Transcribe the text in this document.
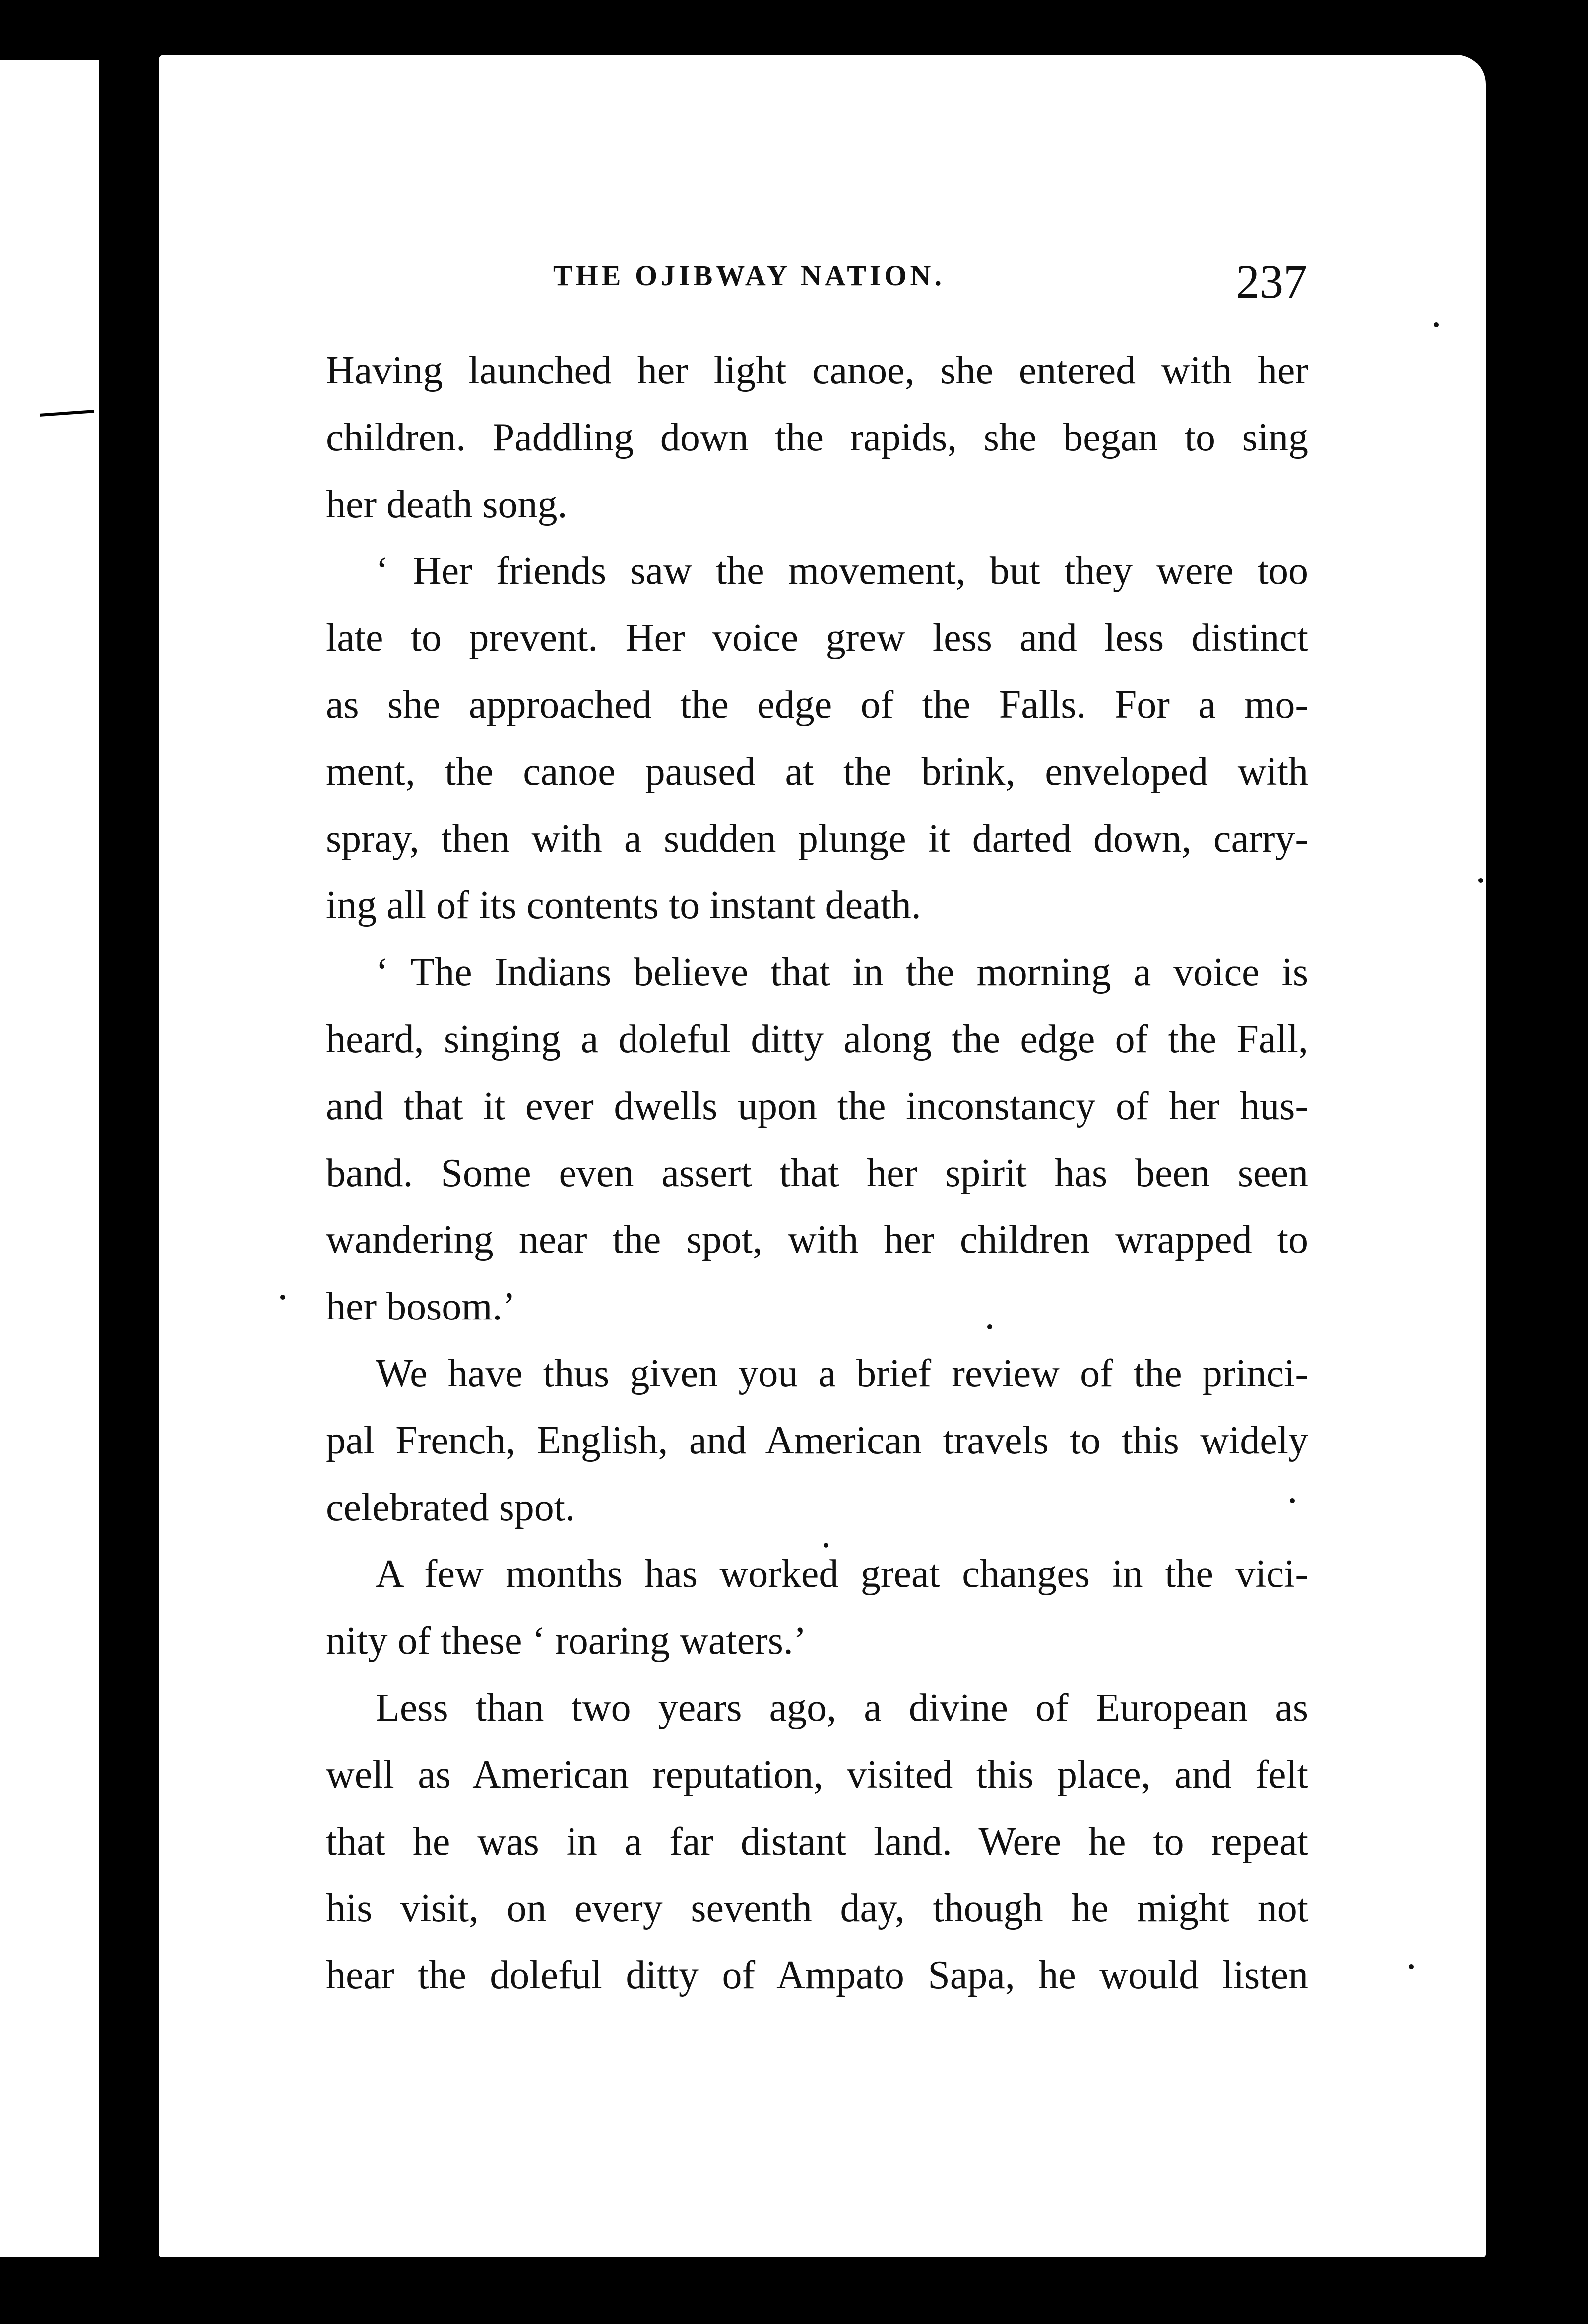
THE OJIBWAY NATION.	237
Having launched her light canoe, she entered with her
children. Paddling down the rapids, she began to sing
her death song.
‘ Her friends saw the movement, but they were too
late to prevent. Her voice grew less and less distinct
as she approached the edge of the Falls. For a mo-
ment, the canoe paused at the brink, enveloped with
spray, then with a sudden plunge it darted down, carry-
ing all of its contents to instant death.
‘ The Indians believe that in the morning a voice is
heard, singing a doleful ditty along the edge of the Fall,
and that it ever dwells upon the inconstancy of her hus-
band. Some even assert that her spirit has been seen
wandering near the spot, with her children wrapped to
her bosom.’
We have thus given you a brief review of the princi-
pal French, English, and American travels to this widely
celebrated spot.
A few months has worked great changes in the vici-
nity of these ‘ roaring waters.’
Less than two years ago, a divine of European as
well as American reputation, visited this place, and felt
that he was in a far distant land. Were he to repeat
his visit, on every seventh day, though he might not
hear the doleful ditty of Ampato Sapa, he would listen
